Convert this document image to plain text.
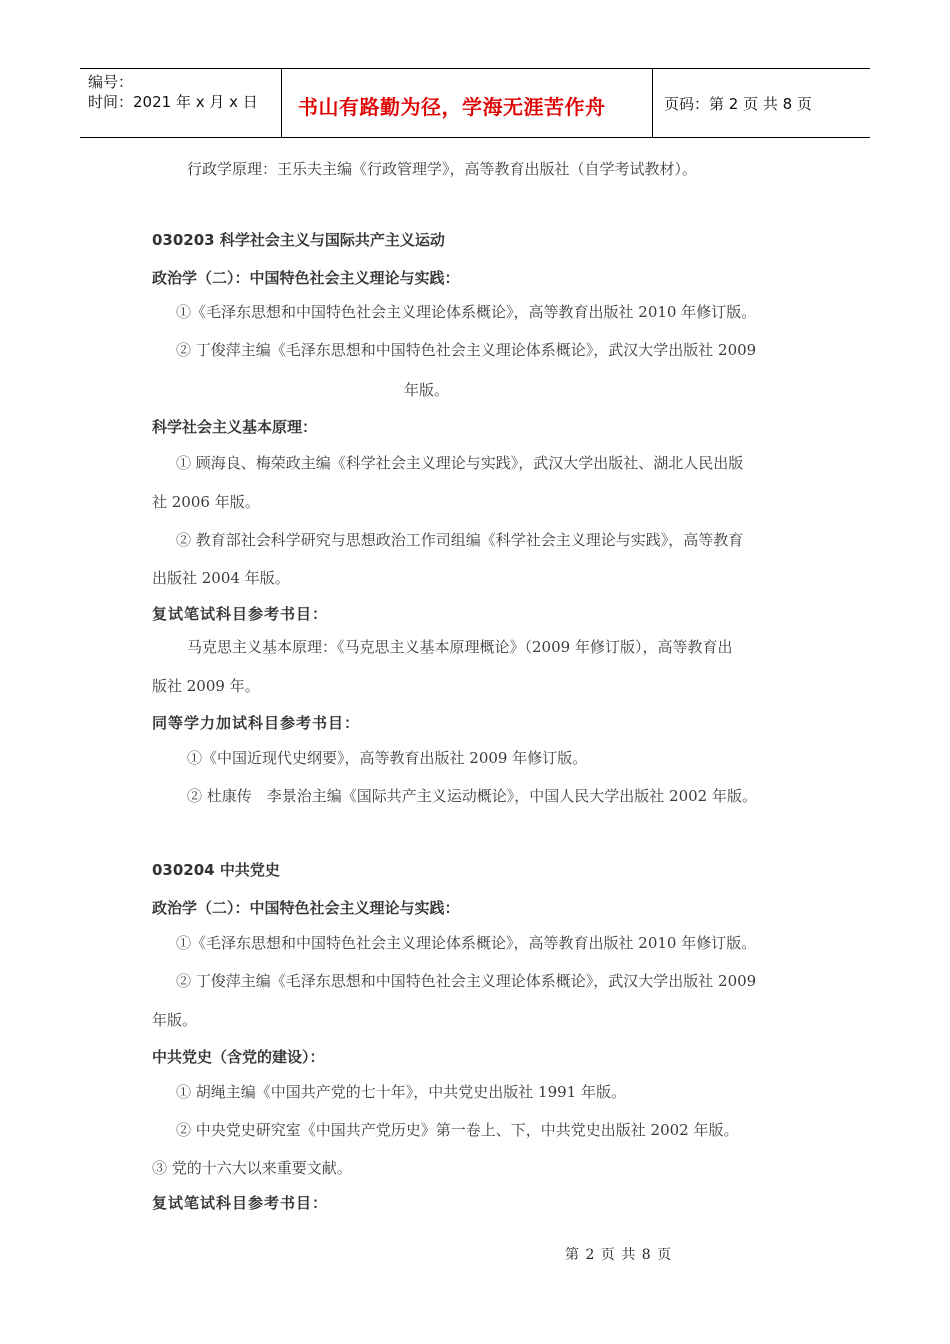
编号：
时间：2021 年 x 月 x 日 书山有路勤为径，学海无涯苦作舟	页码：第 2 页 共 8 页
行政学原理：王乐夫主编《行政管理学》，高等教育出版社（自学考试教材）。
030203 科学社会主义与国际共产主义运动
政治学（二）：中国特色社会主义理论与实践：
①《毛泽东思想和中国特色社会主义理论体系概论》，高等教育出版社 2010 年修订版。
② 丁俊萍主编《毛泽东思想和中国特色社会主义理论体系概论》，武汉大学出版社 2009
年版。
科学社会主义基本原理：
① 顾海良、梅荣政主编《科学社会主义理论与实践》，武汉大学出版社、湖北人民出版
社 2006 年版。
② 教育部社会科学研究与思想政治工作司组编《科学社会主义理论与实践》，高等教育
出版社 2004 年版。
复试笔试科目参考书目：
马克思主义基本原理：《马克思主义基本原理概论》（2009 年修订版），高等教育出
版社 2009 年。
同等学力加试科目参考书目：
①《中国近现代史纲要》，高等教育出版社 2009 年修订版。
② 杜康传　李景治主编《国际共产主义运动概论》，中国人民大学出版社 2002 年版。
030204 中共党史
政治学（二）：中国特色社会主义理论与实践：
①《毛泽东思想和中国特色社会主义理论体系概论》，高等教育出版社 2010 年修订版。
② 丁俊萍主编《毛泽东思想和中国特色社会主义理论体系概论》，武汉大学出版社 2009
年版。
中共党史（含党的建设）：
① 胡绳主编《中国共产党的七十年》，中共党史出版社 1991 年版。
② 中央党史研究室《中国共产党历史》第一卷上、下，中共党史出版社 2002 年版。
③ 党的十六大以来重要文献。
复试笔试科目参考书目：
第 2 页 共 8 页
